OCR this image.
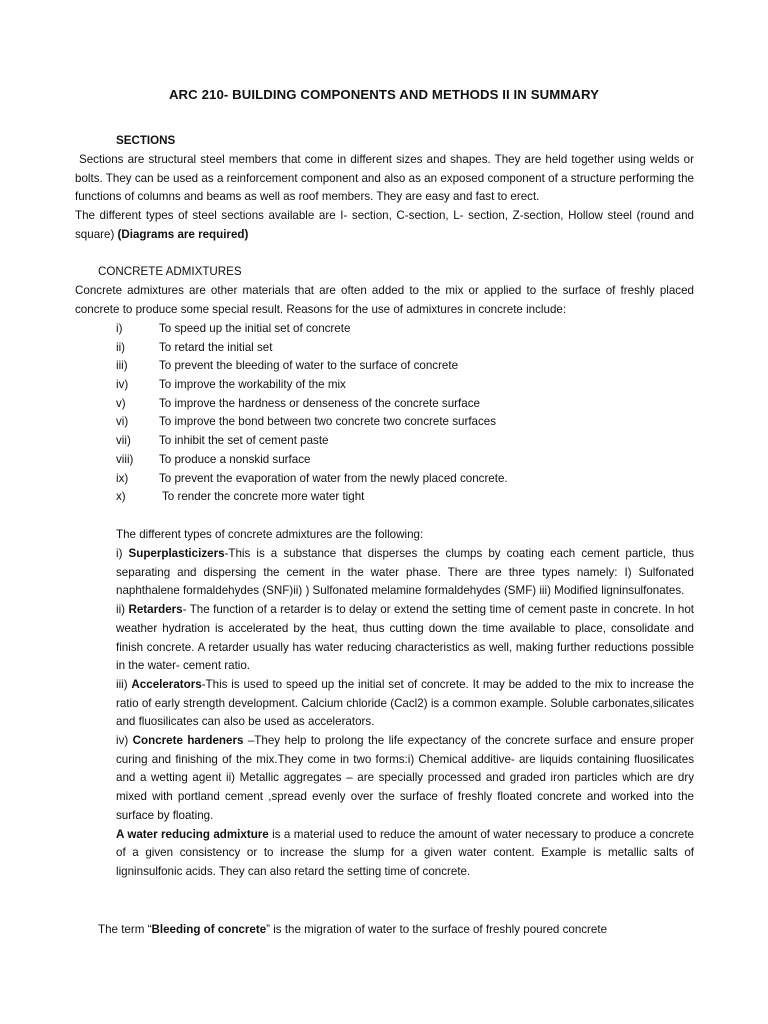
ARC 210- BUILDING COMPONENTS AND METHODS II IN SUMMARY
SECTIONS
Sections are structural steel members that come in different sizes and shapes. They are held together using welds or bolts. They can be used as a reinforcement component and also as an exposed component of a structure performing the functions of columns and beams as well as roof members. They are easy and fast to erect.
The different types of steel sections available are I- section, C-section, L- section, Z-section, Hollow steel (round and square) (Diagrams are required)
CONCRETE ADMIXTURES
Concrete admixtures are other materials that are often added to the mix or applied to the surface of freshly placed concrete to produce some special result. Reasons for the use of admixtures in concrete include:
i)	To speed up the initial set of concrete
ii)	To retard the initial set
iii)	To prevent the bleeding of water to the surface of concrete
iv)	To improve the workability of the mix
v)	To improve the hardness or denseness of the concrete surface
vi)	To improve the bond between two concrete two concrete surfaces
vii) To inhibit the set of cement paste
viii) To produce a nonskid surface
ix)	To prevent the evaporation of water from the newly placed concrete.
x)	To render the concrete more water tight
The different types of concrete admixtures are the following:

i) Superplasticizers-This is a substance that disperses the clumps by coating each cement particle, thus separating and dispersing the cement in the water phase. There are three types namely: I) Sulfonated naphthalene formaldehydes (SNF)ii) ) Sulfonated melamine formaldehydes (SMF) iii) Modified ligninsulfonates.

ii) Retarders- The function of a retarder is to delay or extend the setting time of cement paste in concrete. In hot weather hydration is accelerated by the heat, thus cutting down the time available to place, consolidate and finish concrete. A retarder usually has water reducing characteristics as well, making further reductions possible in the water- cement ratio.

iii) Accelerators-This is used to speed up the initial set of concrete. It may be added to the mix to increase the ratio of early strength development. Calcium chloride (Cacl2) is a common example. Soluble carbonates,silicates and fluosilicates can also be used as accelerators.

iv) Concrete hardeners –They help to prolong the life expectancy of the concrete surface and ensure proper curing and finishing of the mix.They come in two forms:i) Chemical additive- are liquids containing fluosilicates and a wetting agent ii) Metallic aggregates – are specially processed and graded iron particles which are dry mixed with portland cement ,spread evenly over the surface of freshly floated concrete and worked into the surface by floating.

A water reducing admixture is a material used to reduce the amount of water necessary to produce a concrete of a given consistency or to increase the slump for a given water content. Example is metallic salts of ligninsulfonic acids. They can also retard the setting time of concrete.

The term “Bleeding of concrete” is the migration of water to the surface of freshly poured concrete
